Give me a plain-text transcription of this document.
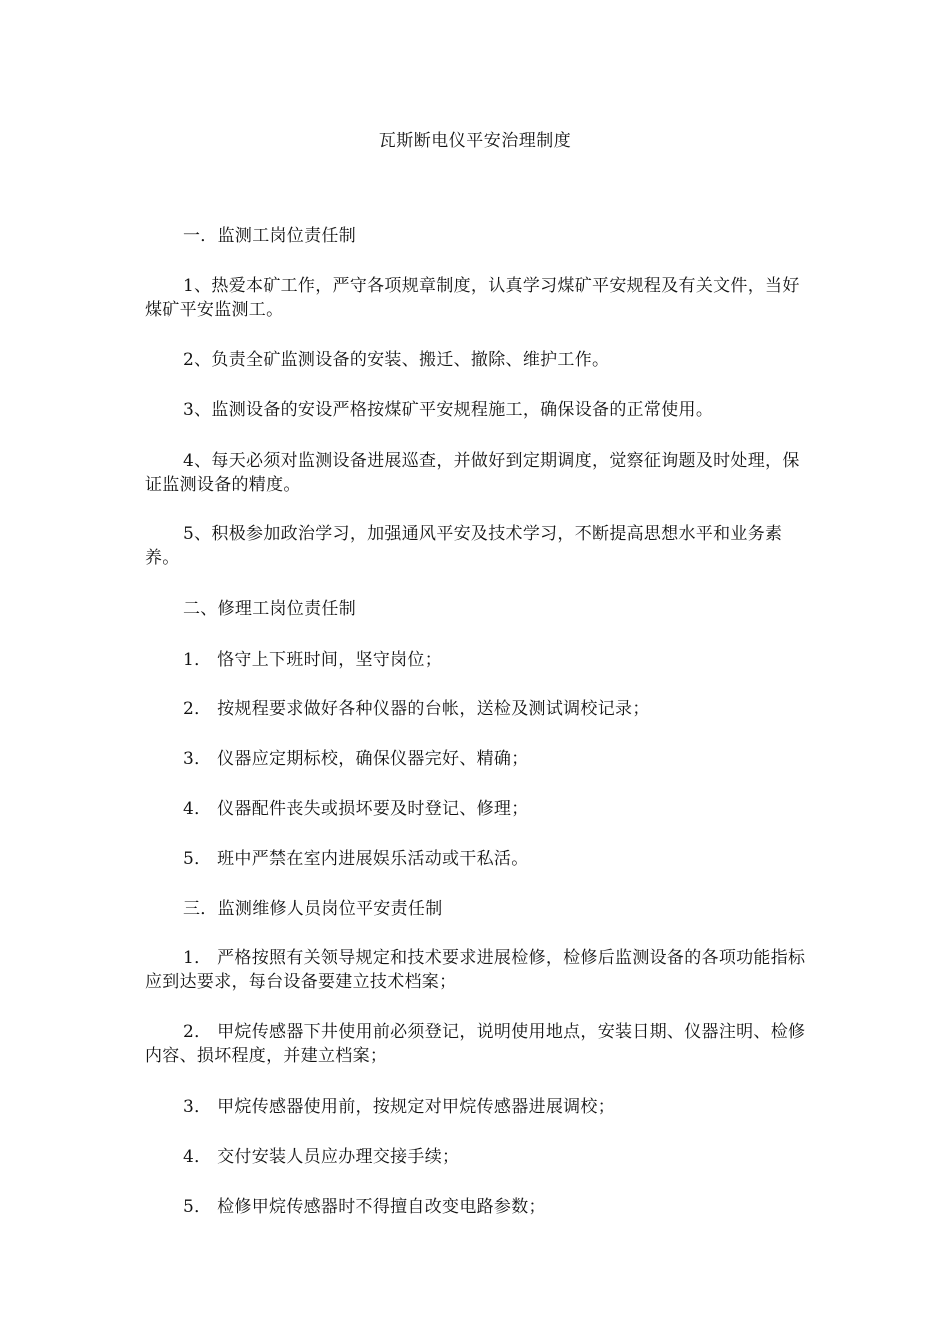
瓦斯断电仪平安治理制度

一．监测工岗位责任制

1、热爱本矿工作，严守各项规章制度，认真学习煤矿平安规程及有关文件，当好煤矿平安监测工。

2、负责全矿监测设备的安装、搬迁、撤除、维护工作。

3、监测设备的安设严格按煤矿平安规程施工，确保设备的正常使用。

4、每天必须对监测设备进展巡查，并做好到定期调度，觉察征询题及时处理，保证监测设备的精度。

5、积极参加政治学习，加强通风平安及技术学习，不断提高思想水平和业务素养。

二、修理工岗位责任制

1． 恪守上下班时间，坚守岗位；

2． 按规程要求做好各种仪器的台帐，送检及测试调校记录；

3． 仪器应定期标校，确保仪器完好、精确；

4． 仪器配件丧失或损坏要及时登记、修理；

5． 班中严禁在室内进展娱乐活动或干私活。

三．监测维修人员岗位平安责任制

1． 严格按照有关领导规定和技术要求进展检修，检修后监测设备的各项功能指标应到达要求，每台设备要建立技术档案；

2． 甲烷传感器下井使用前必须登记，说明使用地点，安装日期、仪器注明、检修内容、损坏程度，并建立档案；

3． 甲烷传感器使用前，按规定对甲烷传感器进展调校；

4． 交付安装人员应办理交接手续；

5． 检修甲烷传感器时不得擅自改变电路参数；
